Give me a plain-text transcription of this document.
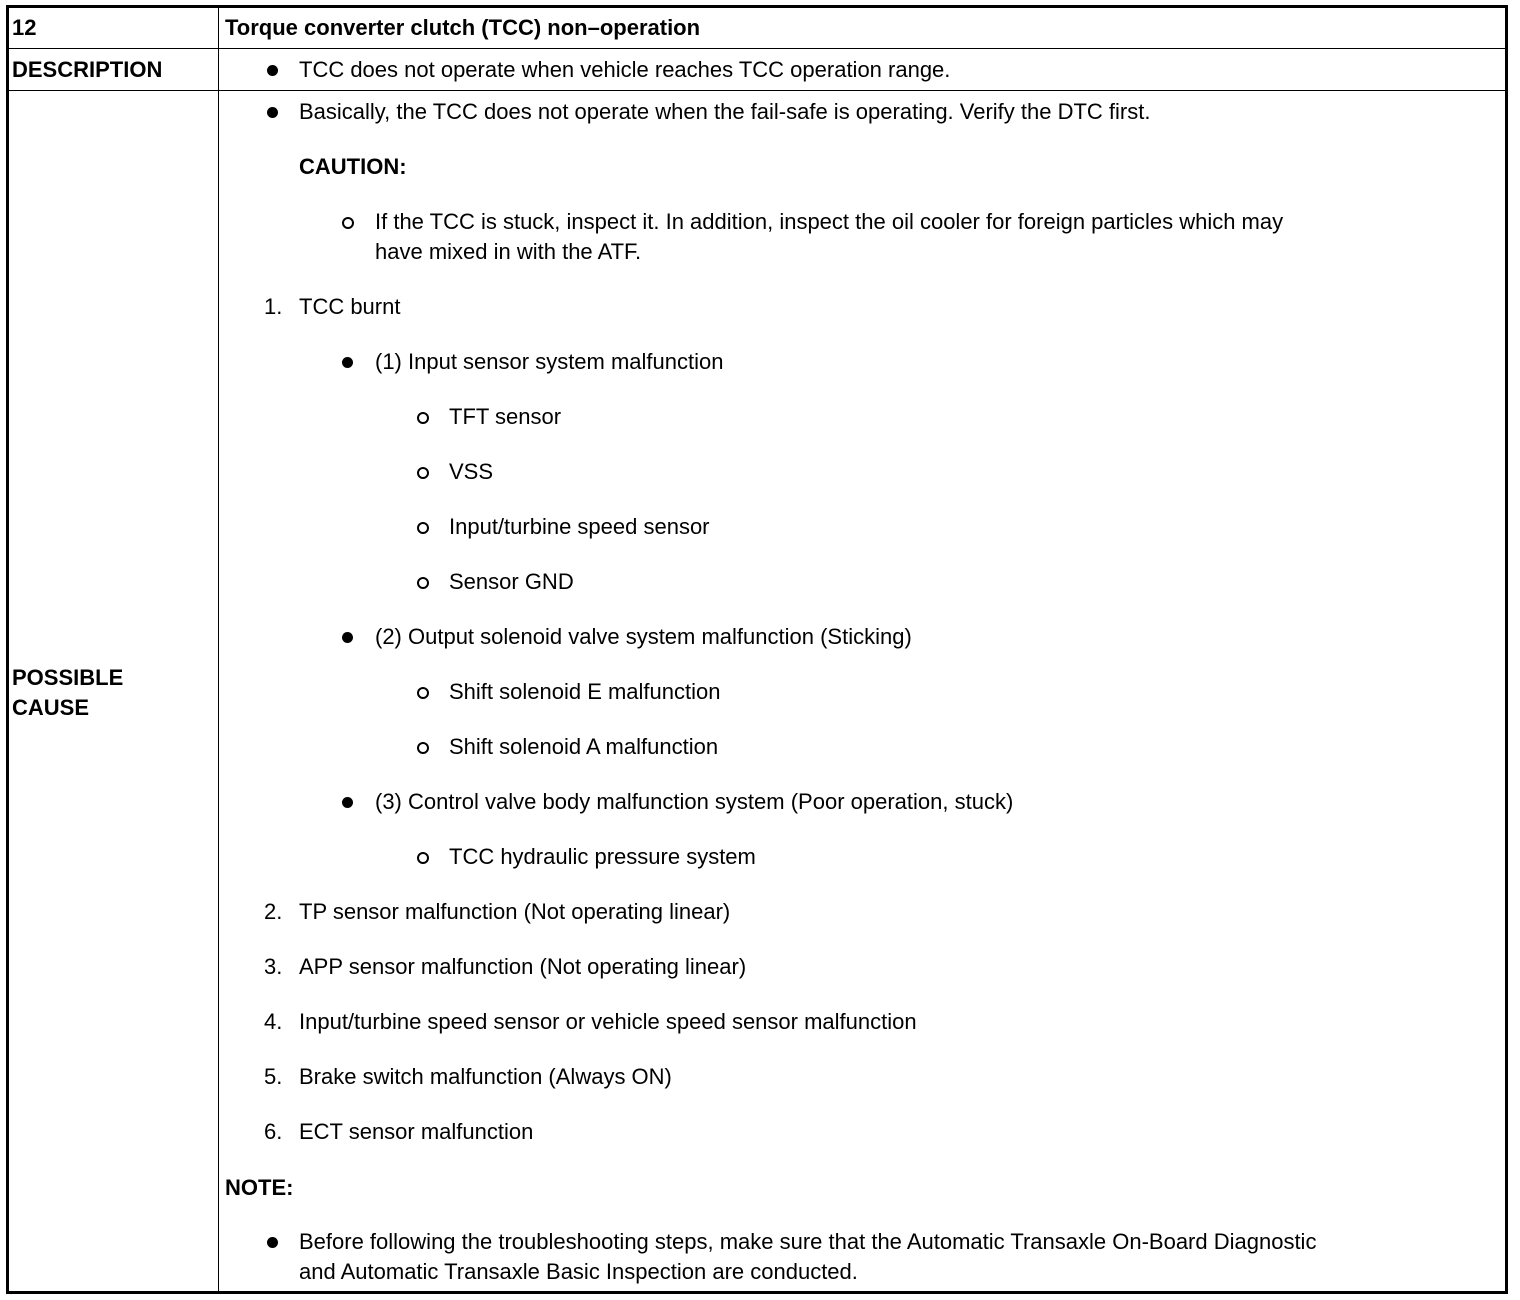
12	Torque converter clutch (TCC) non–operation
DESCRIPTION	TCC does not operate when vehicle reaches TCC operation range.
POSSIBLE
CAUSE
Basically, the TCC does not operate when the fail-safe is operating. Verify the DTC first.
CAUTION:
If the TCC is stuck, inspect it. In addition, inspect the oil cooler for foreign particles which may
have mixed in with the ATF.
1. TCC burnt
(1) Input sensor system malfunction
TFT sensor
VSS
Input/turbine speed sensor
Sensor GND
(2) Output solenoid valve system malfunction (Sticking)
Shift solenoid E malfunction
Shift solenoid A malfunction
(3) Control valve body malfunction system (Poor operation, stuck)
TCC hydraulic pressure system
2. TP sensor malfunction (Not operating linear)
3. APP sensor malfunction (Not operating linear)
4. Input/turbine speed sensor or vehicle speed sensor malfunction
5. Brake switch malfunction (Always ON)
6. ECT sensor malfunction
NOTE:
Before following the troubleshooting steps, make sure that the Automatic Transaxle On-Board Diagnostic
and Automatic Transaxle Basic Inspection are conducted.
